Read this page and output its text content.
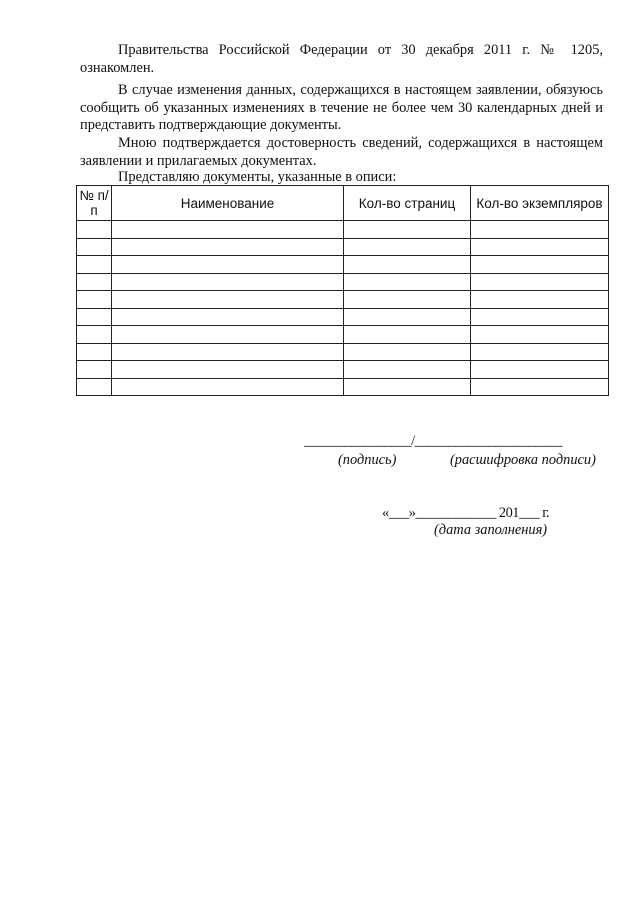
Правительства Российской Федерации от 30 декабря 2011 г. № 1205, ознакомлен.

В случае изменения данных, содержащихся в настоящем заявлении, обязуюсь сообщить об указанных изменениях в течение не более чем 30 календарных дней и представить подтверждающие документы.

Мною подтверждается достоверность сведений, содержащихся в настоящем заявлении и прилагаемых документах.

Представляю документы, указанные в описи:

№ п/п	Наименование	Кол-во страниц	Кол-во экземпляров

________________/______________________
(подпись)	(расшифровка подписи)
«___»____________ 201___ г.
(дата заполнения)
